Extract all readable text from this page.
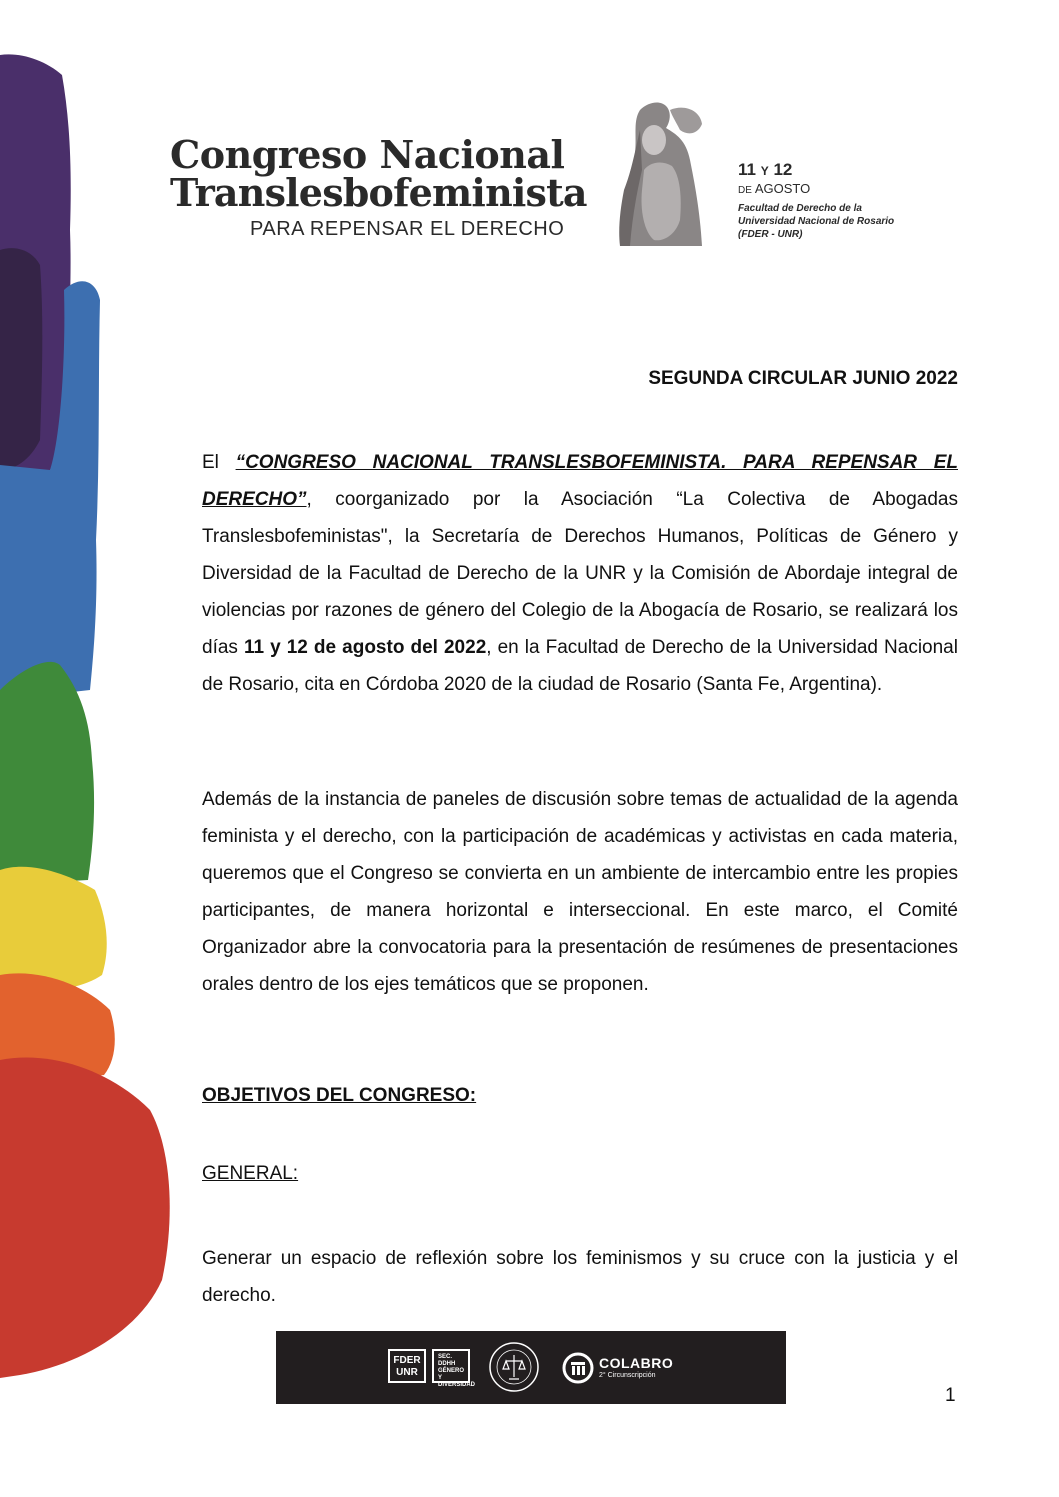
Congreso Nacional
Translesbofeminista
PARA REPENSAR EL DERECHO
11 Y 12
DE AGOSTO
Facultad de Derecho de la
Universidad Nacional de Rosario
(FDER - UNR)
SEGUNDA CIRCULAR JUNIO 2022

El “CONGRESO NACIONAL TRANSLESBOFEMINISTA. PARA REPENSAR EL DERECHO”, coorganizado por la Asociación “La Colectiva de Abogadas Translesbofeministas", la Secretaría de Derechos Humanos, Políticas de Género y Diversidad de la Facultad de Derecho de la UNR y la Comisión de Abordaje integral de violencias por razones de género del Colegio de la Abogacía de Rosario, se realizará los días 11 y 12 de agosto del 2022, en la Facultad de Derecho de la Universidad Nacional de Rosario, cita en Córdoba 2020 de la ciudad de Rosario (Santa Fe, Argentina).

Además de la instancia de paneles de discusión sobre temas de actualidad de la agenda feminista y el derecho, con la participación de académicas y activistas en cada materia, queremos que el Congreso se convierta en un ambiente de intercambio entre les propies participantes, de manera horizontal e interseccional. En este marco, el Comité Organizador abre la convocatoria para la presentación de resúmenes de presentaciones orales dentro de los ejes temáticos que se proponen.

OBJETIVOS DEL CONGRESO:
GENERAL:

Generar un espacio de reflexión sobre los feminismos y su cruce con la justicia y el derecho.

FDER
UNR
SEC.
DDHH
GÉNERO Y
DIVERSIDAD
COLABRO
2° Circunscripción
1
